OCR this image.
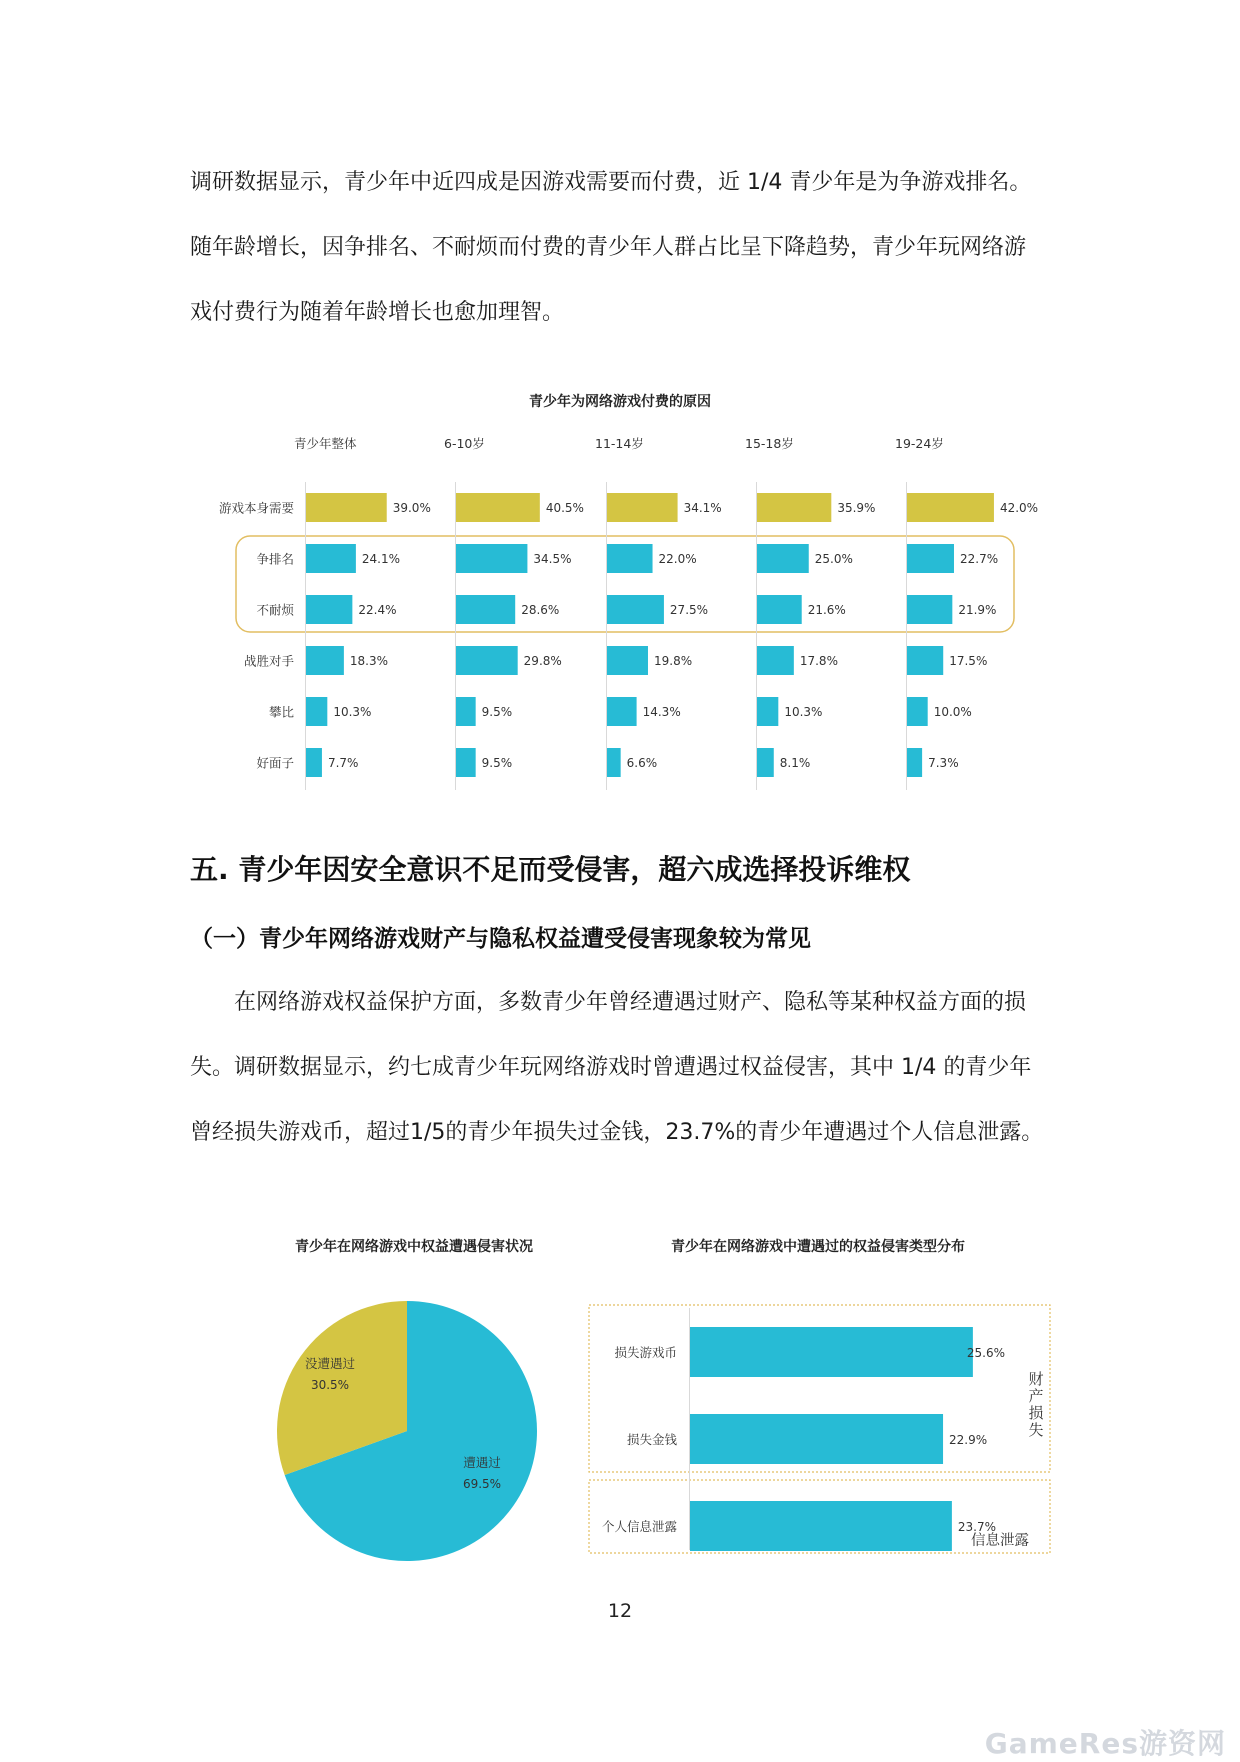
调研数据显示，青少年中近四成是因游戏需要而付费，近 1/4 青少年是为争游戏排名。
随年龄增长，因争排名、不耐烦而付费的青少年人群占比呈下降趋势，青少年玩网络游
戏付费行为随着年龄增长也愈加理智。

青少年为网络游戏付费的原因
游戏本身需要
争排名
不耐烦
战胜对手
攀比
好面子
青少年整体
39.0%
24.1%
22.4%
18.3%
10.3%
7.7%
6-10岁
40.5%
34.5%
28.6%
29.8%
9.5%
9.5%
11-14岁
34.1%
22.0%
27.5%
19.8%
14.3%
6.6%
15-18岁
35.9%
25.0%
21.6%
17.8%
10.3%
8.1%
19-24岁
42.0%
22.7%
21.9%
17.5%
10.0%
7.3%
五. 青少年因安全意识不足而受侵害，超六成选择投诉维权
（一）青少年网络游戏财产与隐私权益遭受侵害现象较为常见

　　在网络游戏权益保护方面，多数青少年曾经遭遇过财产、隐私等某种权益方面的损
失。调研数据显示，约七成青少年玩网络游戏时曾遭遇过权益侵害，其中 1/4 的青少年
曾经损失游戏币，超过1/5的青少年损失过金钱，23.7%的青少年遭遇过个人信息泄露。

青少年在网络游戏中权益遭遇侵害状况
遭遇过
69.5%
没遭遇过
30.5%
青少年在网络游戏中遭遇过的权益侵害类型分布
损失游戏币	25.6%
损失金钱	22.9%
个人信息泄露	23.7%
财产损失
信息泄露
12
GameRes游资网
